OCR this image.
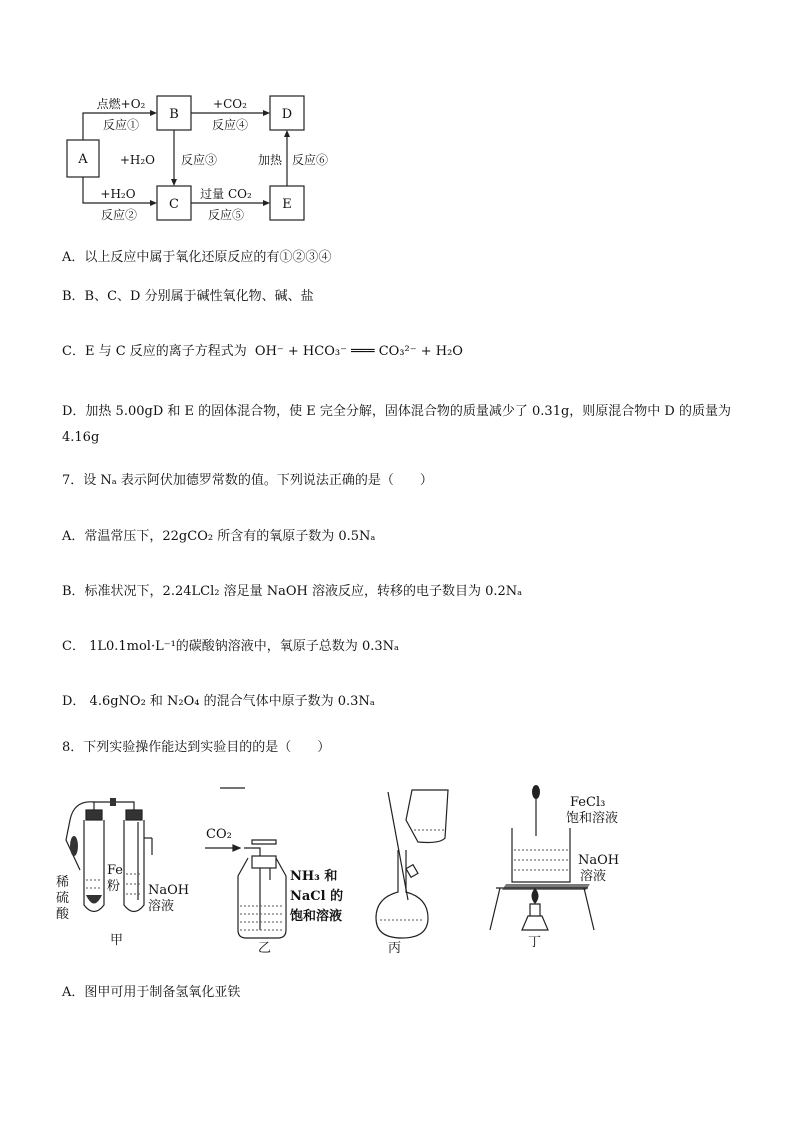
A
B
C
D
E
点燃+O₂
反应①
+H₂O
反应②
+H₂O 反应③
+CO₂
反应④
过量 CO₂
反应⑤
加热 反应⑥
A．以上反应中属于氧化还原反应的有①②③④
B．B、C、D 分别属于碱性氧化物、碱、盐
C．E 与 C 反应的离子方程式为 OH⁻ + HCO₃⁻ ═══ CO₃²⁻ + H₂O
D．加热 5.00gD 和 E 的固体混合物，使 E 完全分解，固体混合物的质量减少了 0.31g，则原混合物中 D 的质量为 4.16g
7．设 Nₐ 表示阿伏加德罗常数的值。下列说法正确的是（　　）
A．常温常压下，22gCO₂ 所含有的氧原子数为 0.5Nₐ
B．标准状况下，2.24LCl₂ 溶足量 NaOH 溶液反应，转移的电子数目为 0.2Nₐ
C． 1L0.1mol·L⁻¹的碳酸钠溶液中，氧原子总数为 0.3Nₐ
D． 4.6gNO₂ 和 N₂O₄ 的混合气体中原子数为 0.3Nₐ
8．下列实验操作能达到实验目的的是（　　）
稀
硫
酸
Fe
粉 NaOH
溶液
甲
CO₂
NH₃ 和
NaCl 的
饱和溶液
乙	丙
FeCl₃
饱和溶液
NaOH
溶液
丁
A．图甲可用于制备氢氧化亚铁
